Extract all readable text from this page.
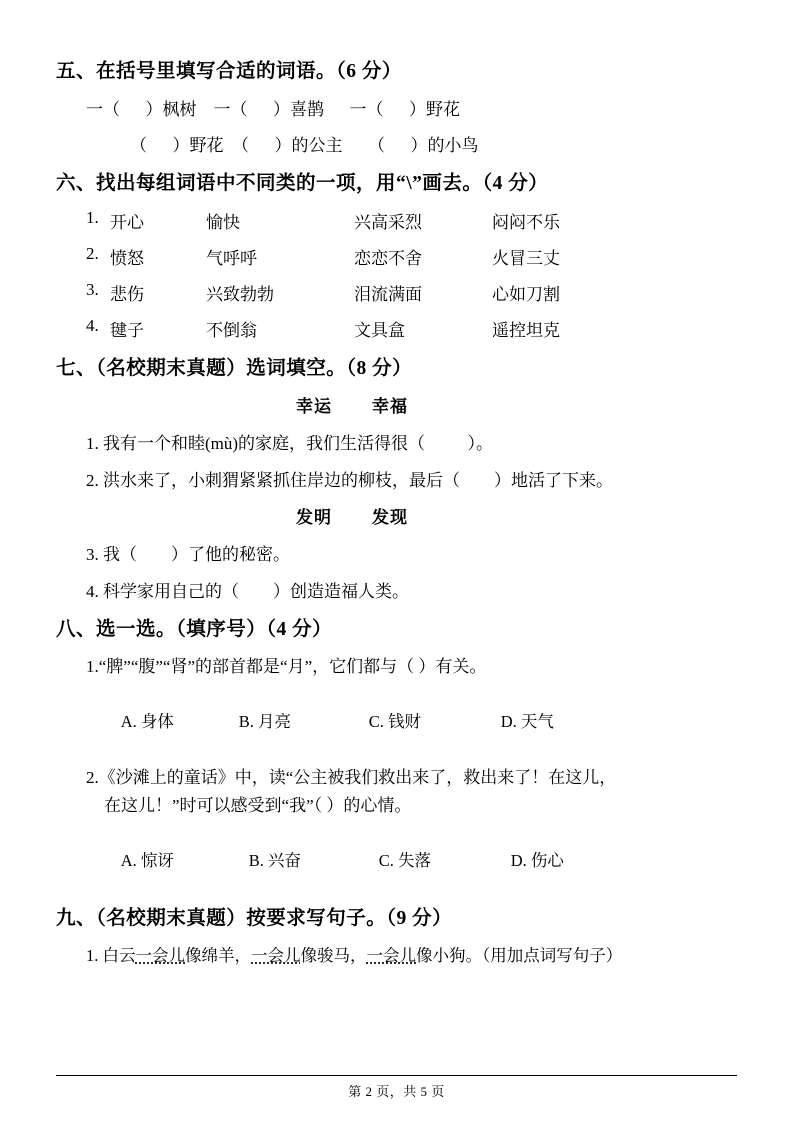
五、在括号里填写合适的词语。（6 分）
一（      ）枫树    一（      ）喜鹊      一（      ）野花
（      ）野花  （      ）的公主      （      ）的小鸟
六、找出每组词语中不同类的一项，用“\”画去。（4 分）
1. 开心	愉快	兴高采烈	闷闷不乐
2. 愤怒	气呼呼	恋恋不舍	火冒三丈
3. 悲伤	兴致勃勃	泪流满面	心如刀割
4. 毽子	不倒翁	文具盒	遥控坦克
七、（名校期末真题）选词填空。（8 分）
幸运 幸福
1. 我有一个和睦(mù)的家庭，我们生活得很（          ）。
2. 洪水来了，小刺猬紧紧抓住岸边的柳枝，最后（        ）地活了下来。
发明 发现
3. 我（        ）了他的秘密。
4. 科学家用自己的（        ）创造造福人类。
八、选一选。（填序号）（4 分）
1.“脾”“腹”“肾”的部首都是“月”，它们都与（ ）有关。

A. 身体	B. 月亮	C. 钱财	D. 天气

2.《沙滩上的童话》中，读“公主被我们救出来了，救出来了！在这儿，
在这儿！”时可以感受到“我”（ ）的心情。

A. 惊讶	B. 兴奋	C. 失落	D. 伤心

九、（名校期末真题）按要求写句子。（9 分）
1. 白云一会儿像绵羊，一会儿像骏马，一会儿像小狗。（用加点词写句子）
第 2 页，共 5 页
